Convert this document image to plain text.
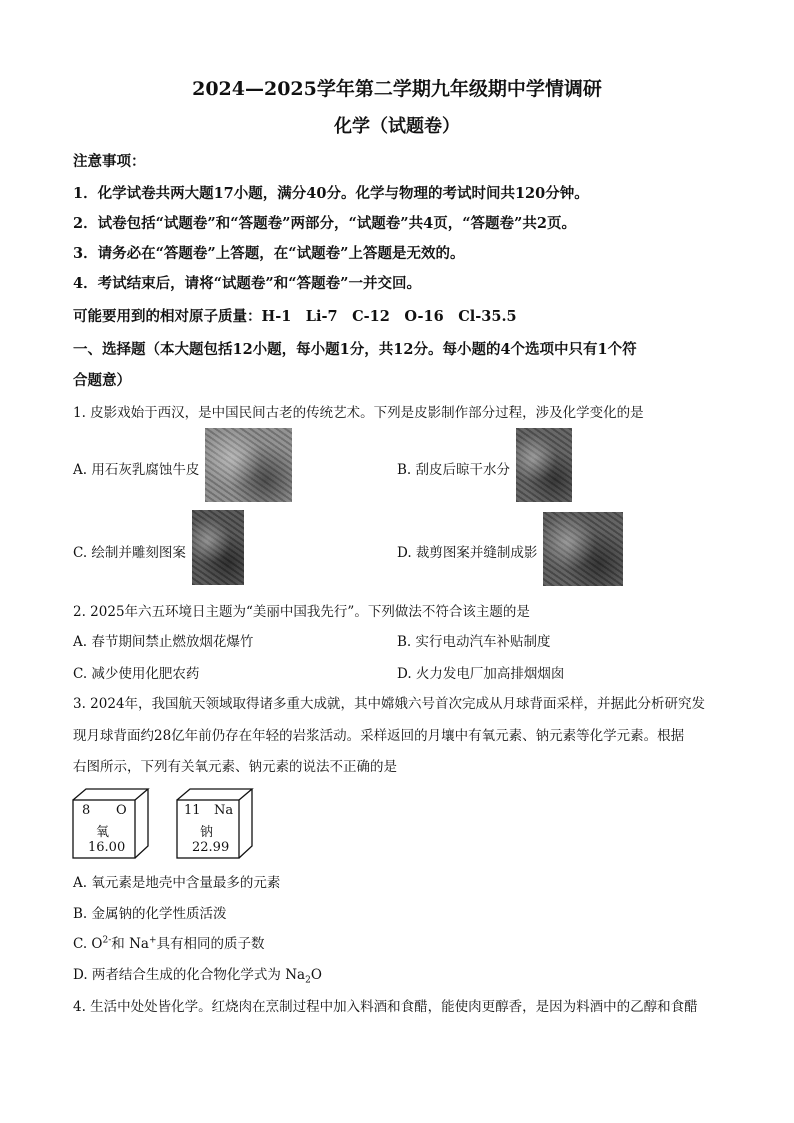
2024—2025学年第二学期九年级期中学情调研
化学（试题卷）
注意事项：
1．化学试卷共两大题17小题，满分40分。化学与物理的考试时间共120分钟。
2．试卷包括“试题卷”和“答题卷”两部分，“试题卷”共4页，“答题卷”共2页。
3．请务必在“答题卷”上答题，在“试题卷”上答题是无效的。
4．考试结束后，请将“试题卷”和“答题卷”一并交回。
可能要用到的相对原子质量：H-1　Li-7　C-12　O-16　Cl-35.5
一、选择题（本大题包括12小题，每小题1分，共12分。每小题的4个选项中只有1个符
合题意）
1. 皮影戏始于西汉，是中国民间古老的传统艺术。下列是皮影制作部分过程，涉及化学变化的是
A. 用石灰乳腐蚀牛皮	B. 刮皮后晾干水分
C. 绘制并雕刻图案	D. 裁剪图案并缝制成影
2. 2025年六五环境日主题为“美丽中国我先行”。下列做法不符合该主题的是
A. 春节期间禁止燃放烟花爆竹	B. 实行电动汽车补贴制度
C. 减少使用化肥农药	D. 火力发电厂加高排烟烟囱
3. 2024年，我国航天领域取得诸多重大成就，其中嫦娥六号首次完成从月球背面采样，并据此分析研究发
现月球背面约28亿年前仍存在年轻的岩浆活动。采样返回的月壤中有氧元素、钠元素等化学元素。根据
右图所示，下列有关氧元素、钠元素的说法不正确的是
8 O
氧
16.00
11 Na
钠
22.99
A. 氧元素是地壳中含量最多的元素
B. 金属钠的化学性质活泼
C. $O^{2-}$和 Na+具有相同的质子数
D. 两者结合生成的化合物化学式为 $Na_2O$
4. 生活中处处皆化学。红烧肉在烹制过程中加入料酒和食醋，能使肉更醇香，是因为料酒中的乙醇和食醋
